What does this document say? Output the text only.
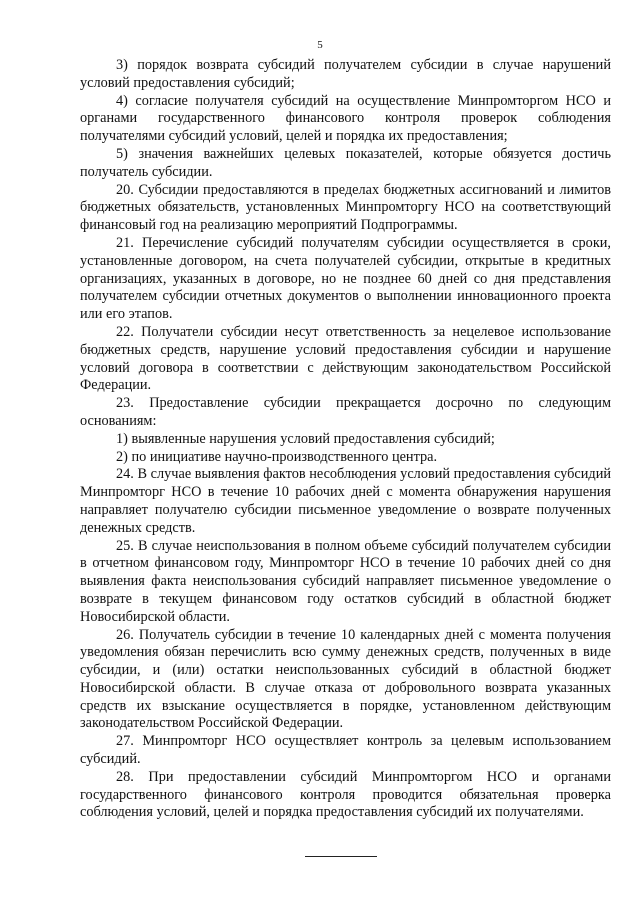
5

3) порядок возврата субсидий получателем субсидии в случае нарушений условий предоставления субсидий;

4) согласие получателя субсидий на осуществление Минпромторгом НСО и органами государственного финансового контроля проверок соблюдения получателями субсидий условий, целей и порядка их предоставления;

5) значения важнейших целевых показателей, которые обязуется достичь получатель субсидии.

20. Субсидии предоставляются в пределах бюджетных ассигнований и лимитов бюджетных обязательств, установленных Минпромторгу НСО на соответствующий финансовый год на реализацию мероприятий Подпрограммы.

21. Перечисление субсидий получателям субсидии осуществляется в сроки, установленные договором, на счета получателей субсидии, открытые в кредитных организациях, указанных в договоре, но не позднее 60 дней со дня представления получателем субсидии отчетных документов о выполнении инновационного проекта или его этапов.

22. Получатели субсидии несут ответственность за нецелевое использование бюджетных средств, нарушение условий предоставления субсидии и нарушение условий договора в соответствии с действующим законодательством Российской Федерации.

23. Предоставление субсидии прекращается досрочно по следующим основаниям:

1) выявленные нарушения условий предоставления субсидий;

2) по инициативе научно-производственного центра.

24. В случае выявления фактов несоблюдения условий предоставления субсидий Минпромторг НСО в течение 10 рабочих дней с момента обнаружения нарушения направляет получателю субсидии письменное уведомление о возврате полученных денежных средств.

25. В случае неиспользования в полном объеме субсидий получателем субсидии в отчетном финансовом году, Минпромторг НСО в течение 10 рабочих дней со дня выявления факта неиспользования субсидий направляет письменное уведомление о возврате в текущем финансовом году остатков субсидий в областной бюджет Новосибирской области.

26. Получатель субсидии в течение 10 календарных дней с момента получения уведомления обязан перечислить всю сумму денежных средств, полученных в виде субсидии, и (или) остатки неиспользованных субсидий в областной бюджет Новосибирской области. В случае отказа от добровольного возврата указанных средств их взыскание осуществляется в порядке, установленном действующим законодательством Российской Федерации.

27. Минпромторг НСО осуществляет контроль за целевым использованием субсидий.

28. При предоставлении субсидий Минпромторгом НСО и органами государственного финансового контроля проводится обязательная проверка соблюдения условий, целей и порядка предоставления субсидий их получателями.
